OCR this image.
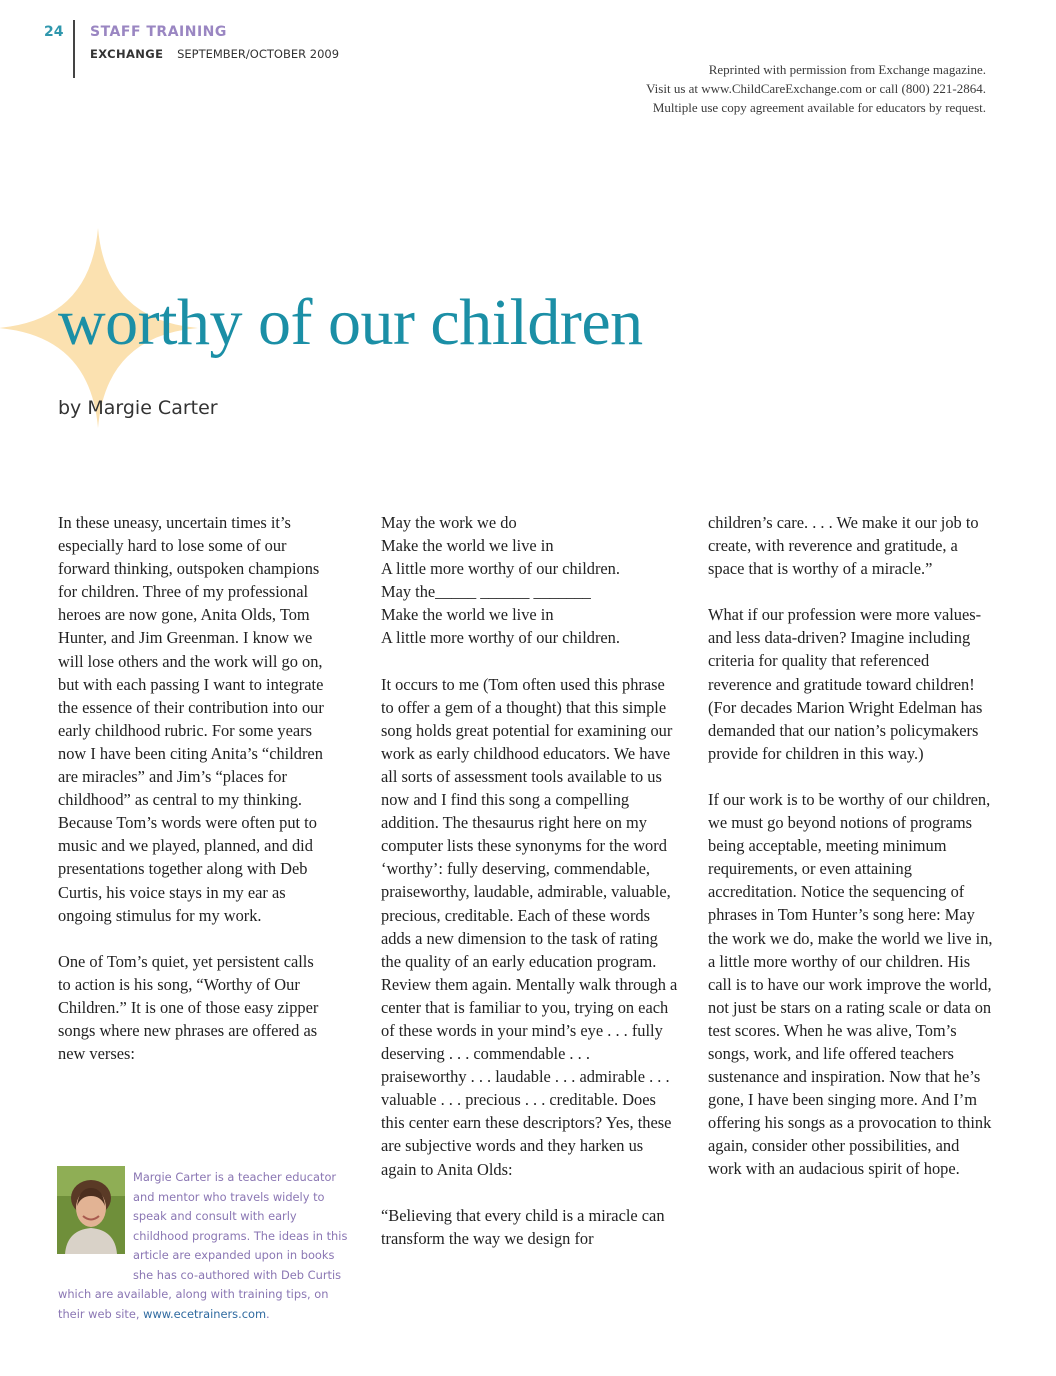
24 STAFF TRAINING
EXCHANGE SEPTEMBER/OCTOBER 2009
Reprinted with permission from Exchange magazine.
Visit us at www.ChildCareExchange.com or call (800) 221-2864.
Multiple use copy agreement available for educators by request.
worthy of our children
by Margie Carter

In these uneasy, uncertain times it’s especially hard to lose some of our forward thinking, outspoken champions for children. Three of my professional heroes are now gone, Anita Olds, Tom Hunter, and Jim Greenman. I know we will lose others and the work will go on, but with each passing I want to integrate the essence of their contribution into our early childhood rubric. For some years now I have been citing Anita’s “children are miracles” and Jim’s “places for childhood” as central to my thinking. Because Tom’s words were often put to music and we played, planned, and did presentations together along with Deb Curtis, his voice stays in my ear as ongoing stimulus for my work.

One of Tom’s quiet, yet persistent calls to action is his song, “Worthy of Our Children.” It is one of those easy zipper songs where new phrases are offered as new verses:

May the work we do
Make the world we live in
A little more worthy of our children.
May the_____ ______ _______
Make the world we live in
A little more worthy of our children.

It occurs to me (Tom often used this phrase to offer a gem of a thought) that this simple song holds great potential for examining our work as early childhood educators. We have all sorts of assessment tools available to us now and I find this song a compelling addition. The thesaurus right here on my computer lists these synonyms for the word ‘worthy’: fully deserving, commendable, praiseworthy, laudable, admirable, valuable, precious, creditable. Each of these words adds a new dimension to the task of rating the quality of an early education program. Review them again. Mentally walk through a center that is familiar to you, trying on each of these words in your mind’s eye . . . fully deserving . . . commendable . . . praiseworthy . . . laudable . . . admirable . . . valuable . . . precious . . . creditable. Does this center earn these descriptors? Yes, these are subjective words and they harken us again to Anita Olds:

“Believing that every child is a miracle can transform the way we design for

children’s care. . . . We make it our job to create, with reverence and gratitude, a space that is worthy of a miracle.”

What if our profession were more values- and less data-driven? Imagine including criteria for quality that referenced reverence and gratitude toward children! (For decades Marion Wright Edelman has demanded that our nation’s policymakers provide for children in this way.)

If our work is to be worthy of our children, we must go beyond notions of programs being acceptable, meeting minimum requirements, or even attaining accreditation. Notice the sequencing of phrases in Tom Hunter’s song here: May the work we do, make the world we live in, a little more worthy of our children. His call is to have our work improve the world, not just be stars on a rating scale or data on test scores. When he was alive, Tom’s songs, work, and life offered teachers sustenance and inspiration. Now that he’s gone, I have been singing more. And I’m offering his songs as a provocation to think again, consider other possibilities, and work with an audacious spirit of hope.

Margie Carter is a teacher educator and mentor who travels widely to speak and consult with early childhood programs. The ideas in this article are expanded upon in books she has co-authored with Deb Curtis which are available, along with training tips, on their web site, www.ecetrainers.com.
